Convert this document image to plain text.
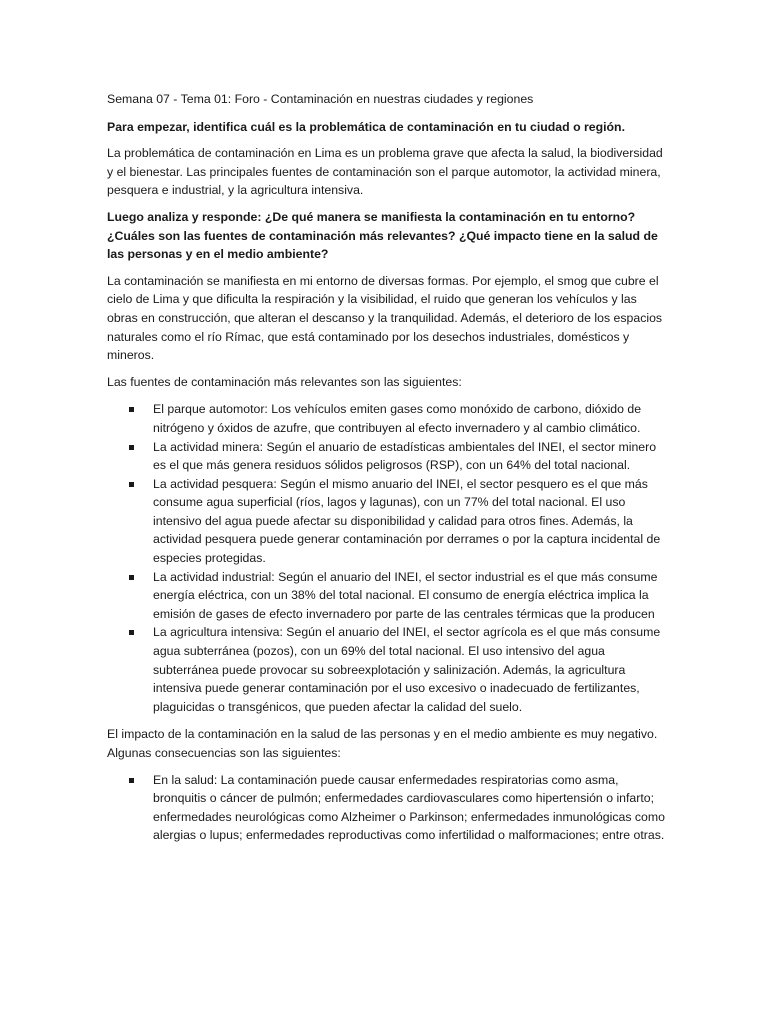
Semana 07 - Tema 01: Foro - Contaminación en nuestras ciudades y regiones

Para empezar, identifica cuál es la problemática de contaminación en tu ciudad o región.

La problemática de contaminación en Lima es un problema grave que afecta la salud, la biodiversidad y el bienestar. Las principales fuentes de contaminación son el parque automotor, la actividad minera, pesquera e industrial, y la agricultura intensiva.

Luego analiza y responde: ¿De qué manera se manifiesta la contaminación en tu entorno? ¿Cuáles son las fuentes de contaminación más relevantes? ¿Qué impacto tiene en la salud de las personas y en el medio ambiente?

La contaminación se manifiesta en mi entorno de diversas formas. Por ejemplo, el smog que cubre el cielo de Lima y que dificulta la respiración y la visibilidad, el ruido que generan los vehículos y las obras en construcción, que alteran el descanso y la tranquilidad. Además, el deterioro de los espacios naturales como el río Rímac, que está contaminado por los desechos industriales, domésticos y mineros.

Las fuentes de contaminación más relevantes son las siguientes:

El parque automotor: Los vehículos emiten gases como monóxido de carbono, dióxido de nitrógeno y óxidos de azufre, que contribuyen al efecto invernadero y al cambio climático.
La actividad minera: Según el anuario de estadísticas ambientales del INEI, el sector minero es el que más genera residuos sólidos peligrosos (RSP), con un 64% del total nacional.
La actividad pesquera: Según el mismo anuario del INEI, el sector pesquero es el que más consume agua superficial (ríos, lagos y lagunas), con un 77% del total nacional. El uso intensivo del agua puede afectar su disponibilidad y calidad para otros fines. Además, la actividad pesquera puede generar contaminación por derrames o por la captura incidental de especies protegidas.
La actividad industrial: Según el anuario del INEI, el sector industrial es el que más consume energía eléctrica, con un 38% del total nacional. El consumo de energía eléctrica implica la emisión de gases de efecto invernadero por parte de las centrales térmicas que la producen
La agricultura intensiva: Según el anuario del INEI, el sector agrícola es el que más consume agua subterránea (pozos), con un 69% del total nacional. El uso intensivo del agua subterránea puede provocar su sobreexplotación y salinización. Además, la agricultura intensiva puede generar contaminación por el uso excesivo o inadecuado de fertilizantes, plaguicidas o transgénicos, que pueden afectar la calidad del suelo.

El impacto de la contaminación en la salud de las personas y en el medio ambiente es muy negativo. Algunas consecuencias son las siguientes:

En la salud: La contaminación puede causar enfermedades respiratorias como asma, bronquitis o cáncer de pulmón; enfermedades cardiovasculares como hipertensión o infarto; enfermedades neurológicas como Alzheimer o Parkinson; enfermedades inmunológicas como alergias o lupus; enfermedades reproductivas como infertilidad o malformaciones; entre otras.
